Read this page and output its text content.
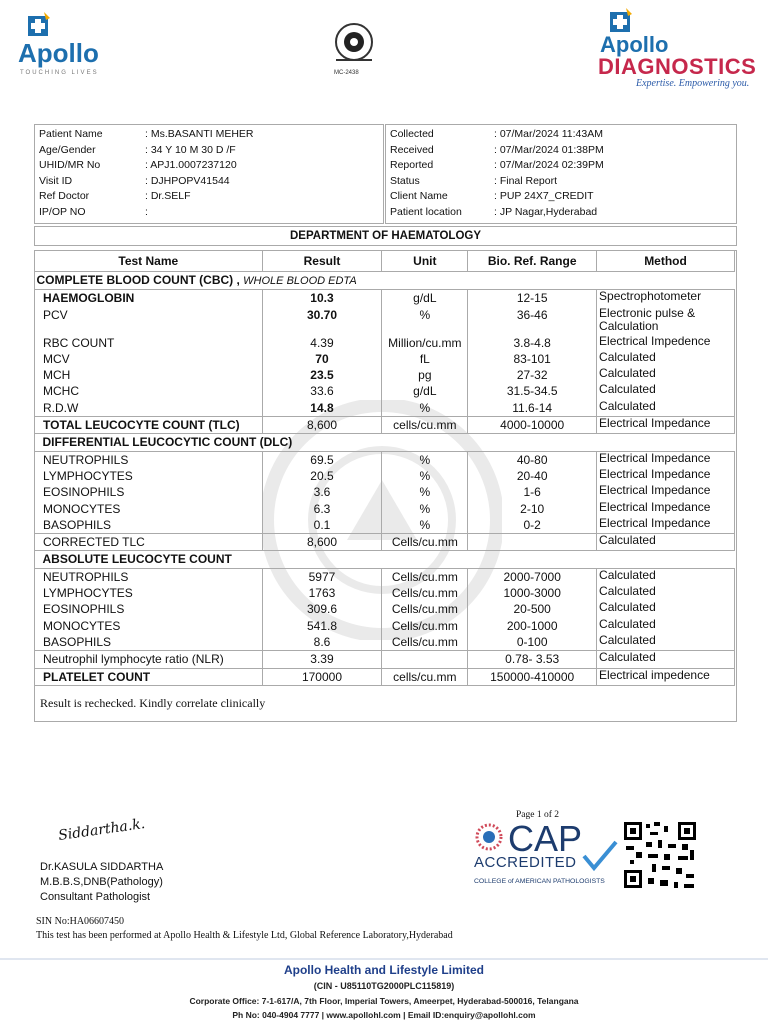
Apollo
TOUCHING LIVES	MC-2438
Apollo
DIAGNOSTICS
Expertise. Empowering you.
Patient Name	: Ms.BASANTI MEHER
Age/Gender	: 34 Y 10 M 30 D /F
UHID/MR No	: APJ1.0007237120
Visit ID	: DJHPOPV41544
Ref Doctor	: Dr.SELF
IP/OP NO	:
Collected	: 07/Mar/2024 11:43AM
Received	: 07/Mar/2024 01:38PM
Reported	: 07/Mar/2024 02:39PM
Status	: Final Report
Client Name	: PUP 24X7_CREDIT
Patient location	: JP Nagar,Hyderabad
DEPARTMENT OF HAEMATOLOGY
Test Name	Result	Unit	Bio. Ref. Range	Method
COMPLETE BLOOD COUNT (CBC) , WHOLE BLOOD EDTA				
HAEMOGLOBIN	10.3	g/dL	12-15	Spectrophotometer
PCV	30.70	%	36-46	Electronic pulse & Calculation
RBC COUNT	4.39	Million/cu.mm	3.8-4.8	Electrical Impedence
MCV	70	fL	83-101	Calculated
MCH	23.5	pg	27-32	Calculated
MCHC	33.6	g/dL	31.5-34.5	Calculated
R.D.W	14.8	%	11.6-14	Calculated
TOTAL LEUCOCYTE COUNT (TLC)	8,600	cells/cu.mm	4000-10000	Electrical Impedance
DIFFERENTIAL LEUCOCYTIC COUNT (DLC)				
NEUTROPHILS	69.5	%	40-80	Electrical Impedance
LYMPHOCYTES	20.5	%	20-40	Electrical Impedance
EOSINOPHILS	3.6	%	1-6	Electrical Impedance
MONOCYTES	6.3	%	2-10	Electrical Impedance
BASOPHILS	0.1	%	0-2	Electrical Impedance
CORRECTED TLC	8,600	Cells/cu.mm		Calculated
ABSOLUTE LEUCOCYTE COUNT				
NEUTROPHILS	5977	Cells/cu.mm	2000-7000	Calculated
LYMPHOCYTES	1763	Cells/cu.mm	1000-3000	Calculated
EOSINOPHILS	309.6	Cells/cu.mm	20-500	Calculated
MONOCYTES	541.8	Cells/cu.mm	200-1000	Calculated
BASOPHILS	8.6	Cells/cu.mm	0-100	Calculated
Neutrophil lymphocyte ratio (NLR)	3.39		0.78- 3.53	Calculated
PLATELET COUNT	170000	cells/cu.mm	150000-410000	Electrical impedence
Result is rechecked. Kindly correlate clinically
Siddartha.k.
Dr.KASULA SIDDARTHA
M.B.B.S,DNB(Pathology)
Consultant Pathologist
Page 1 of 2
CAP
ACCREDITED
COLLEGE of AMERICAN PATHOLOGISTS
SIN No:HA06607450
This test has been performed at Apollo Health & Lifestyle Ltd, Global Reference Laboratory,Hyderabad
Apollo Health and Lifestyle Limited
(CIN - U85110TG2000PLC115819)
Corporate Office: 7-1-617/A, 7th Floor, Imperial Towers, Ameerpet, Hyderabad-500016, Telangana
Ph No: 040-4904 7777 | www.apollohl.com | Email ID:enquiry@apollohl.com
